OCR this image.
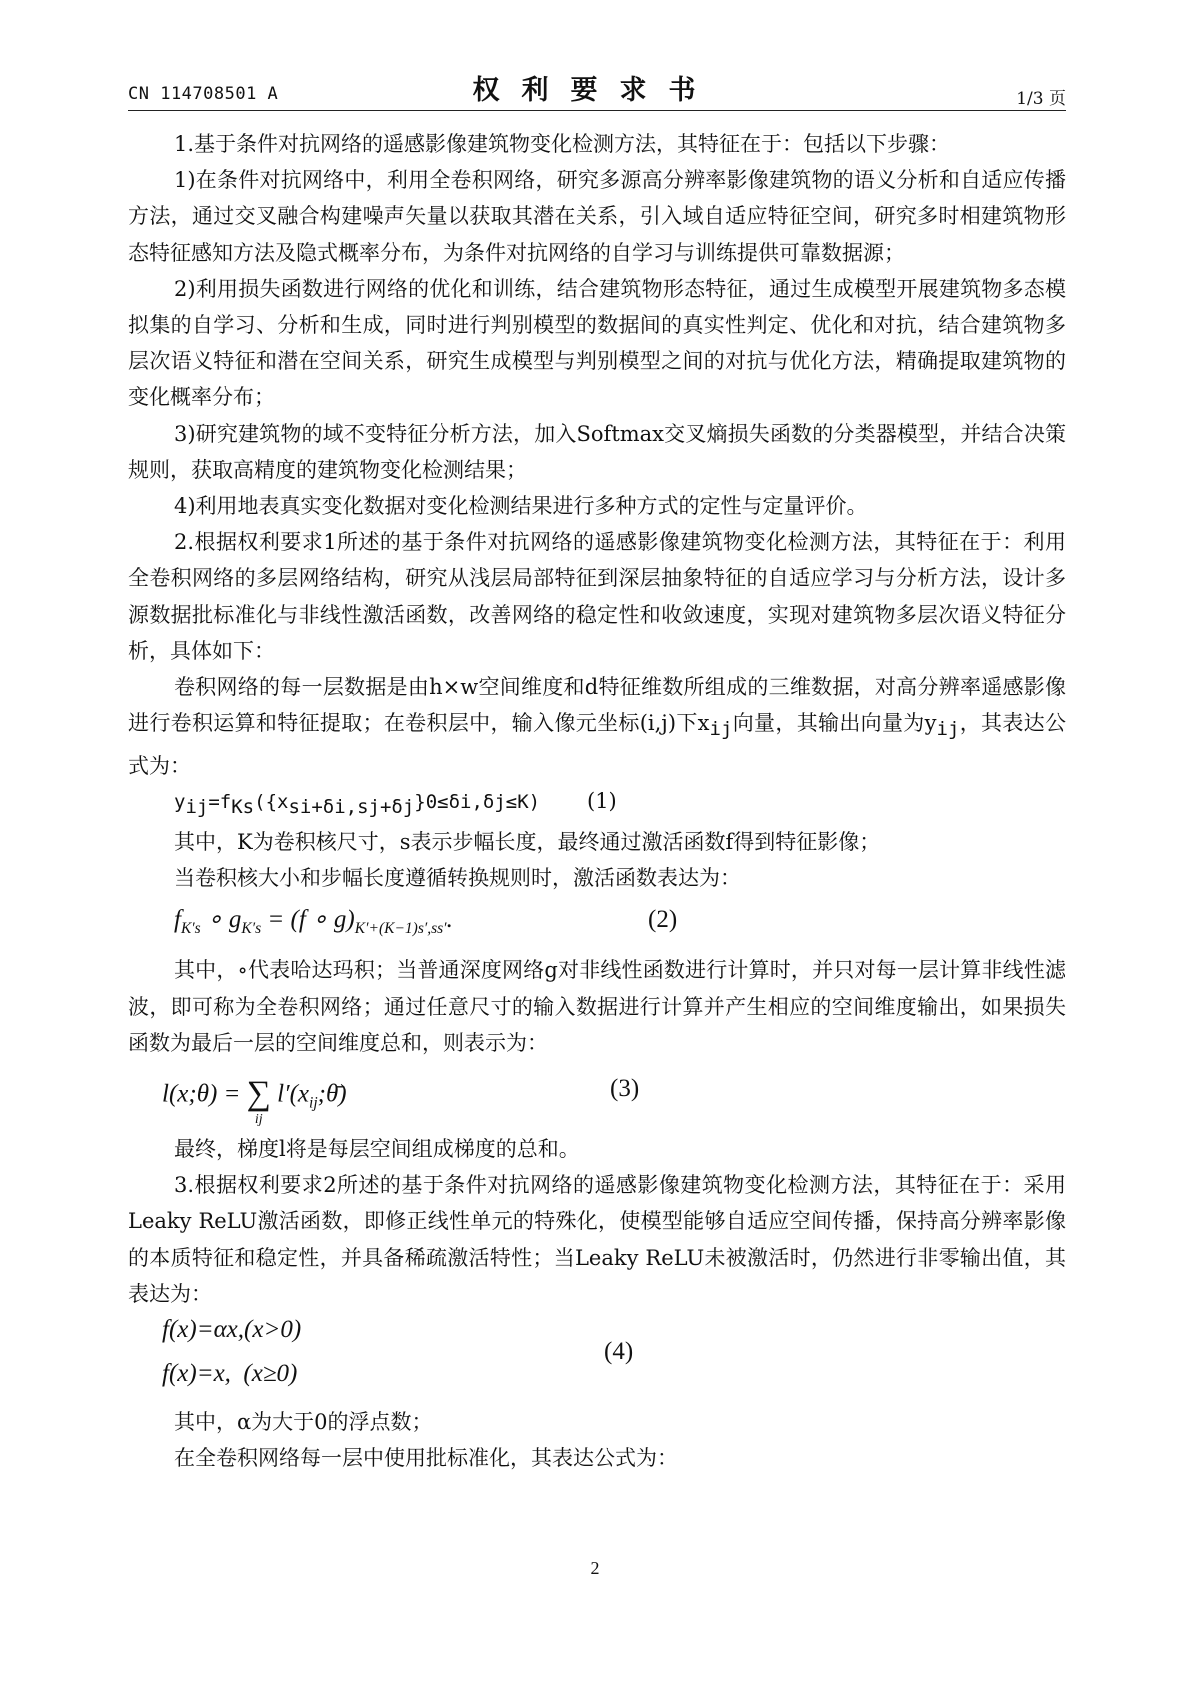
CN 114708501 A	权利要求书	1/3 页

1.基于条件对抗网络的遥感影像建筑物变化检测方法，其特征在于：包括以下步骤：

1)在条件对抗网络中，利用全卷积网络，研究多源高分辨率影像建筑物的语义分析和自适应传播方法，通过交叉融合构建噪声矢量以获取其潜在关系，引入域自适应特征空间，研究多时相建筑物形态特征感知方法及隐式概率分布，为条件对抗网络的自学习与训练提供可靠数据源；

2)利用损失函数进行网络的优化和训练，结合建筑物形态特征，通过生成模型开展建筑物多态模拟集的自学习、分析和生成，同时进行判别模型的数据间的真实性判定、优化和对抗，结合建筑物多层次语义特征和潜在空间关系，研究生成模型与判别模型之间的对抗与优化方法，精确提取建筑物的变化概率分布；

3)研究建筑物的域不变特征分析方法，加入Softmax交叉熵损失函数的分类器模型，并结合决策规则，获取高精度的建筑物变化检测结果；

4)利用地表真实变化数据对变化检测结果进行多种方式的定性与定量评价。

2.根据权利要求1所述的基于条件对抗网络的遥感影像建筑物变化检测方法，其特征在于：利用全卷积网络的多层网络结构，研究从浅层局部特征到深层抽象特征的自适应学习与分析方法，设计多源数据批标准化与非线性激活函数，改善网络的稳定性和收敛速度，实现对建筑物多层次语义特征分析，具体如下：

卷积网络的每一层数据是由h×w空间维度和d特征维数所组成的三维数据，对高分辨率遥感影像进行卷积运算和特征提取；在卷积层中，输入像元坐标(i,j)下$x_{ij}$向量，其输出向量为$y_{ij}$，其表达公式为：

$y_{ij}=f_{Ks}(\{x_{si+\delta i,sj+\delta j}\}0\le\delta i,\delta j\le K)$ (1)

其中，K为卷积核尺寸，s表示步幅长度，最终通过激活函数f得到特征影像；

当卷积核大小和步幅长度遵循转换规则时，激活函数表达为：

$f_{K's}$ ∘ $g_{K's} = (f$ ∘ $g)_{K'+(K-1)s',ss'}$.	(2)

其中，∘代表哈达玛积；当普通深度网络g对非线性函数进行计算时，并只对每一层计算非线性滤波，即可称为全卷积网络；通过任意尺寸的输入数据进行计算并产生相应的空间维度输出，如果损失函数为最后一层的空间维度总和，则表示为：

l(x;θ) = ∑
ij
$l'(x_{ij};\thetā)$	(3)

最终，梯度l将是每层空间组成梯度的总和。

3.根据权利要求2所述的基于条件对抗网络的遥感影像建筑物变化检测方法，其特征在于：采用Leaky ReLU激活函数，即修正线性单元的特殊化，使模型能够自适应空间传播，保持高分辨率影像的本质特征和稳定性，并具备稀疏激活特性；当Leaky ReLU未被激活时，仍然进行非零输出值，其表达为：

f(x)=αx,(x>0)
f(x)=x,  (x≥0)
(4)

其中，α为大于0的浮点数；

在全卷积网络每一层中使用批标准化，其表达公式为：

2
